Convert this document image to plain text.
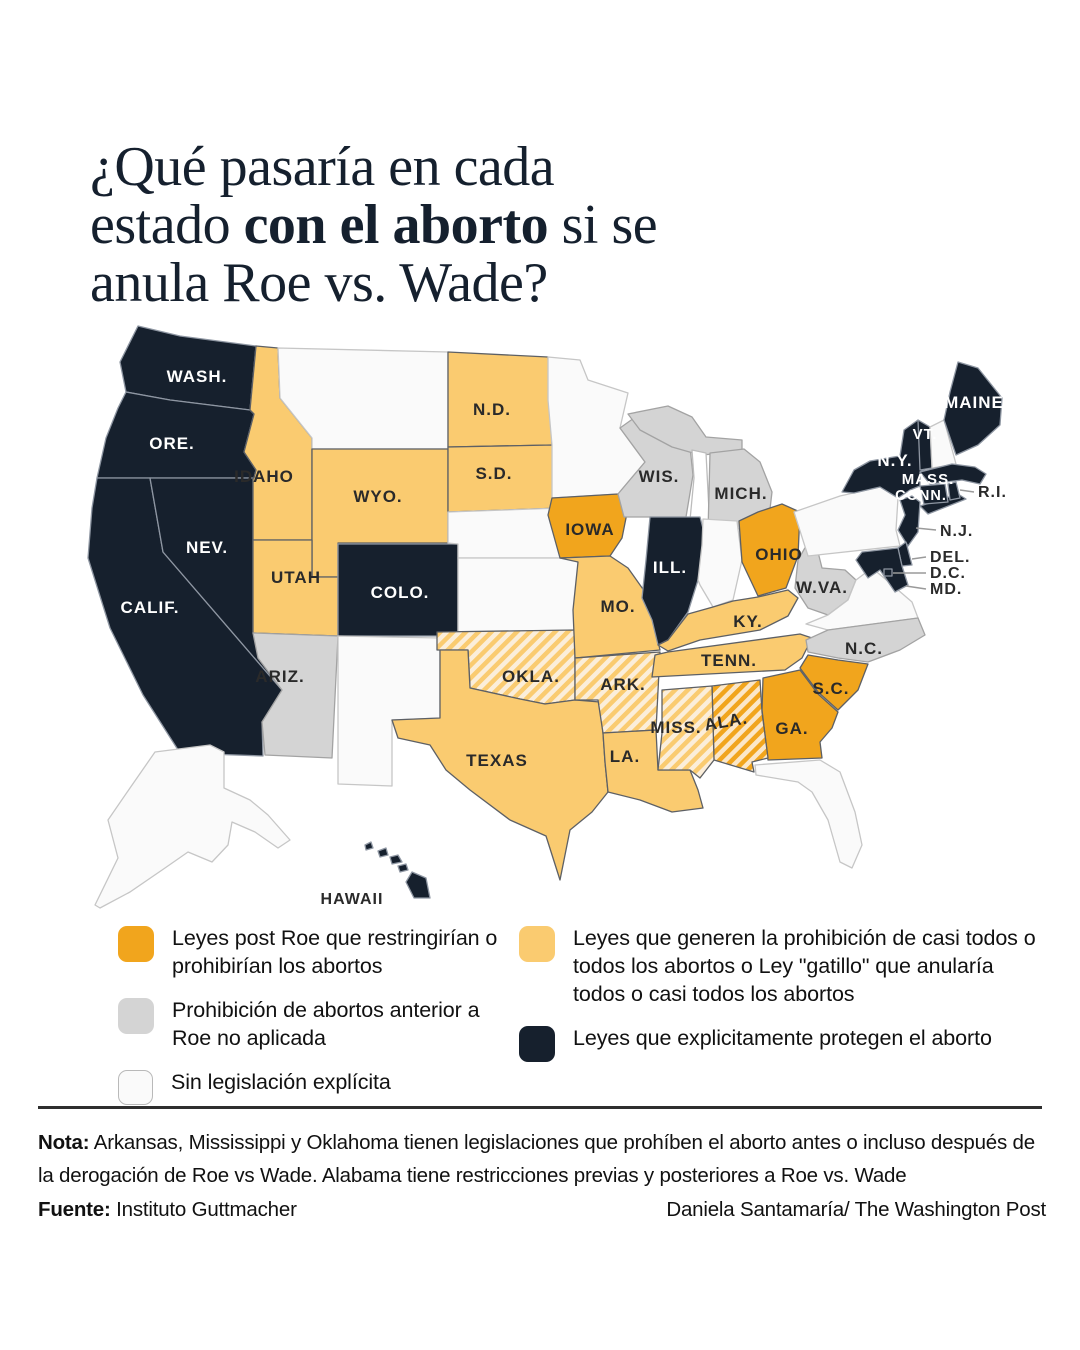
¿Qué pasaría en cada
estado con el aborto si se
anula Roe vs. Wade?
WASH.
ORE.
CALIF.
NEV.
IDAHO
WYO.
UTAH
COLO.
ARIZ.
N.D.
S.D.
OKLA.
TEXAS
IOWA
MO.
ARK.
LA.
WIS.
MICH.
ILL.
OHIO
KY.
TENN.
W.VA.
N.Y.
VT.
MAINE
MASS.
CONN. R.I.
N.J.
DEL.
MD.
D.C.
N.C.
S.C.
GA.
ALA.
MISS.
HAWAII
Leyes post Roe que restringirían o prohibirían los abortos
Prohibición de abortos anterior a Roe no aplicada
Sin legislación explícita
Leyes que generen la prohibición de casi todos o todos los abortos o Ley "gatillo" que anularía todos o casi todos los abortos
Leyes que explicitamente protegen el aborto
Nota: Arkansas, Mississippi y Oklahoma tienen legislaciones que prohíben el aborto antes o incluso después de la derogación de Roe vs Wade. Alabama tiene restricciones previas y posteriores a Roe vs. Wade
Fuente: Instituto Guttmacher	Daniela Santamaría/ The Washington Post
